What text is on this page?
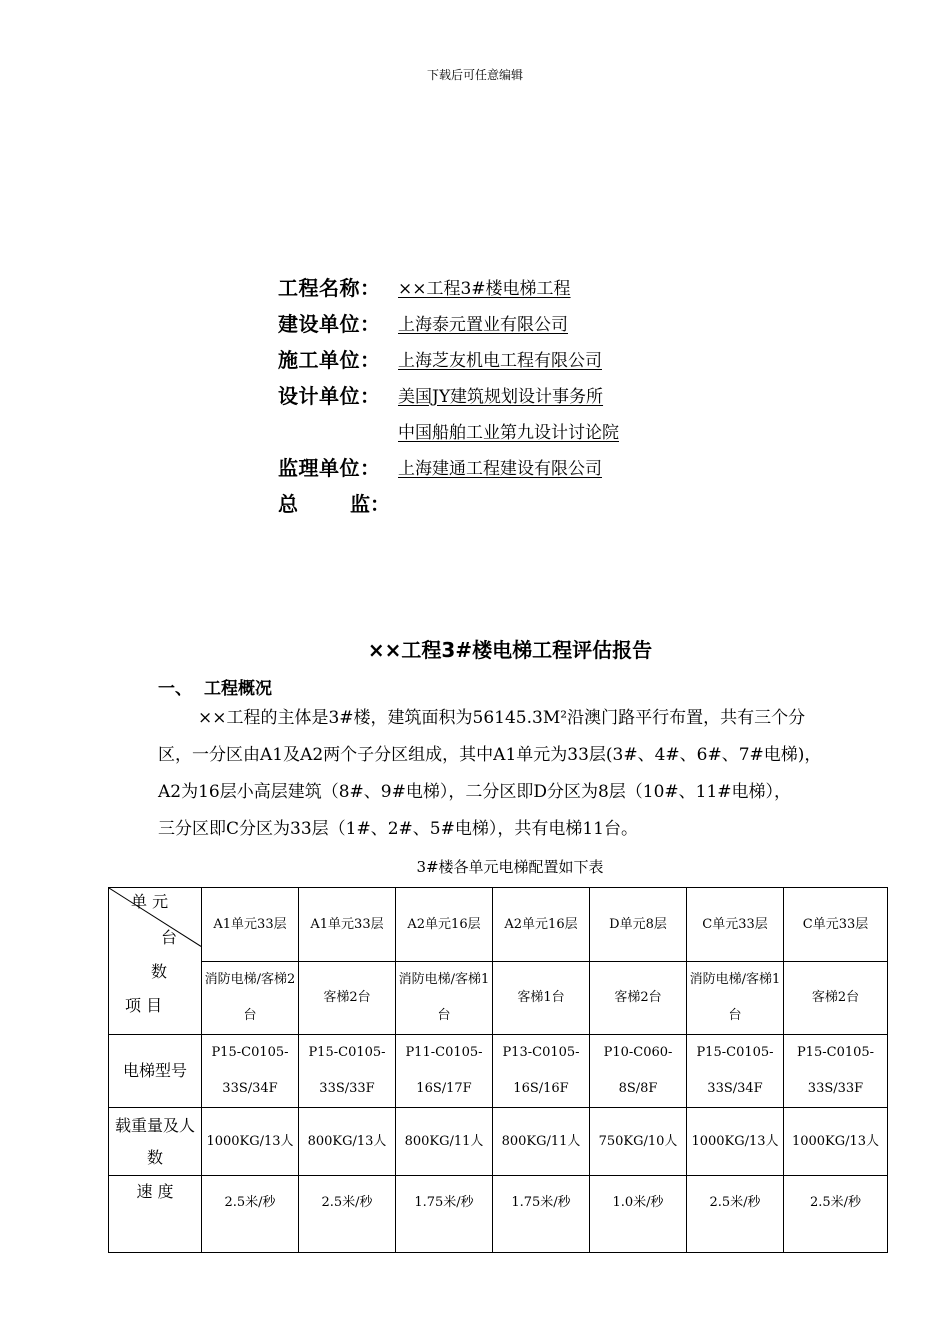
下载后可任意编辑
工程名称：	××工程3#楼电梯工程
建设单位：	上海泰元置业有限公司
施工单位：	上海芝友机电工程有限公司
设计单位：	美国JY建筑规划设计事务所
中国船舶工业第九设计讨论院
监理单位：	上海建通工程建设有限公司
总	监：
××工程3#楼电梯工程评估报告
一、 工程概况
××工程的主体是3#楼，建筑面积为56145.3M²沿澳门路平行布置，共有三个分
区，一分区由A1及A2两个子分区组成，其中A1单元为33层(3#、4#、6#、7#电梯)，
A2为16层小高层建筑（8#、9#电梯），二分区即D分区为8层（10#、11#电梯），
三分区即C分区为33层（1#、2#、5#电梯），共有电梯11台。
3#楼各单元电梯配置如下表
单 元
台
数
项 目	A1单元33层	A1单元33层	A2单元16层	A2单元16层	D单元8层	C单元33层	C单元33层
	消防电梯/客梯2台	客梯2台	消防电梯/客梯1台	客梯1台	客梯2台	消防电梯/客梯1台	客梯2台
电梯型号	P15-C0105-33S/34F	P15-C0105-33S/33F	P11-C0105-16S/17F	P13-C0105-16S/16F	P10-C060-8S/8F	P15-C0105-33S/34F	P15-C0105-33S/33F
载重量及人数	1000KG/13人	800KG/13人	800KG/11人	800KG/11人	750KG/10人	1000KG/13人	1000KG/13人
速 度	2.5米/秒	2.5米/秒	1.75米/秒	1.75米/秒	1.0米/秒	2.5米/秒	2.5米/秒
